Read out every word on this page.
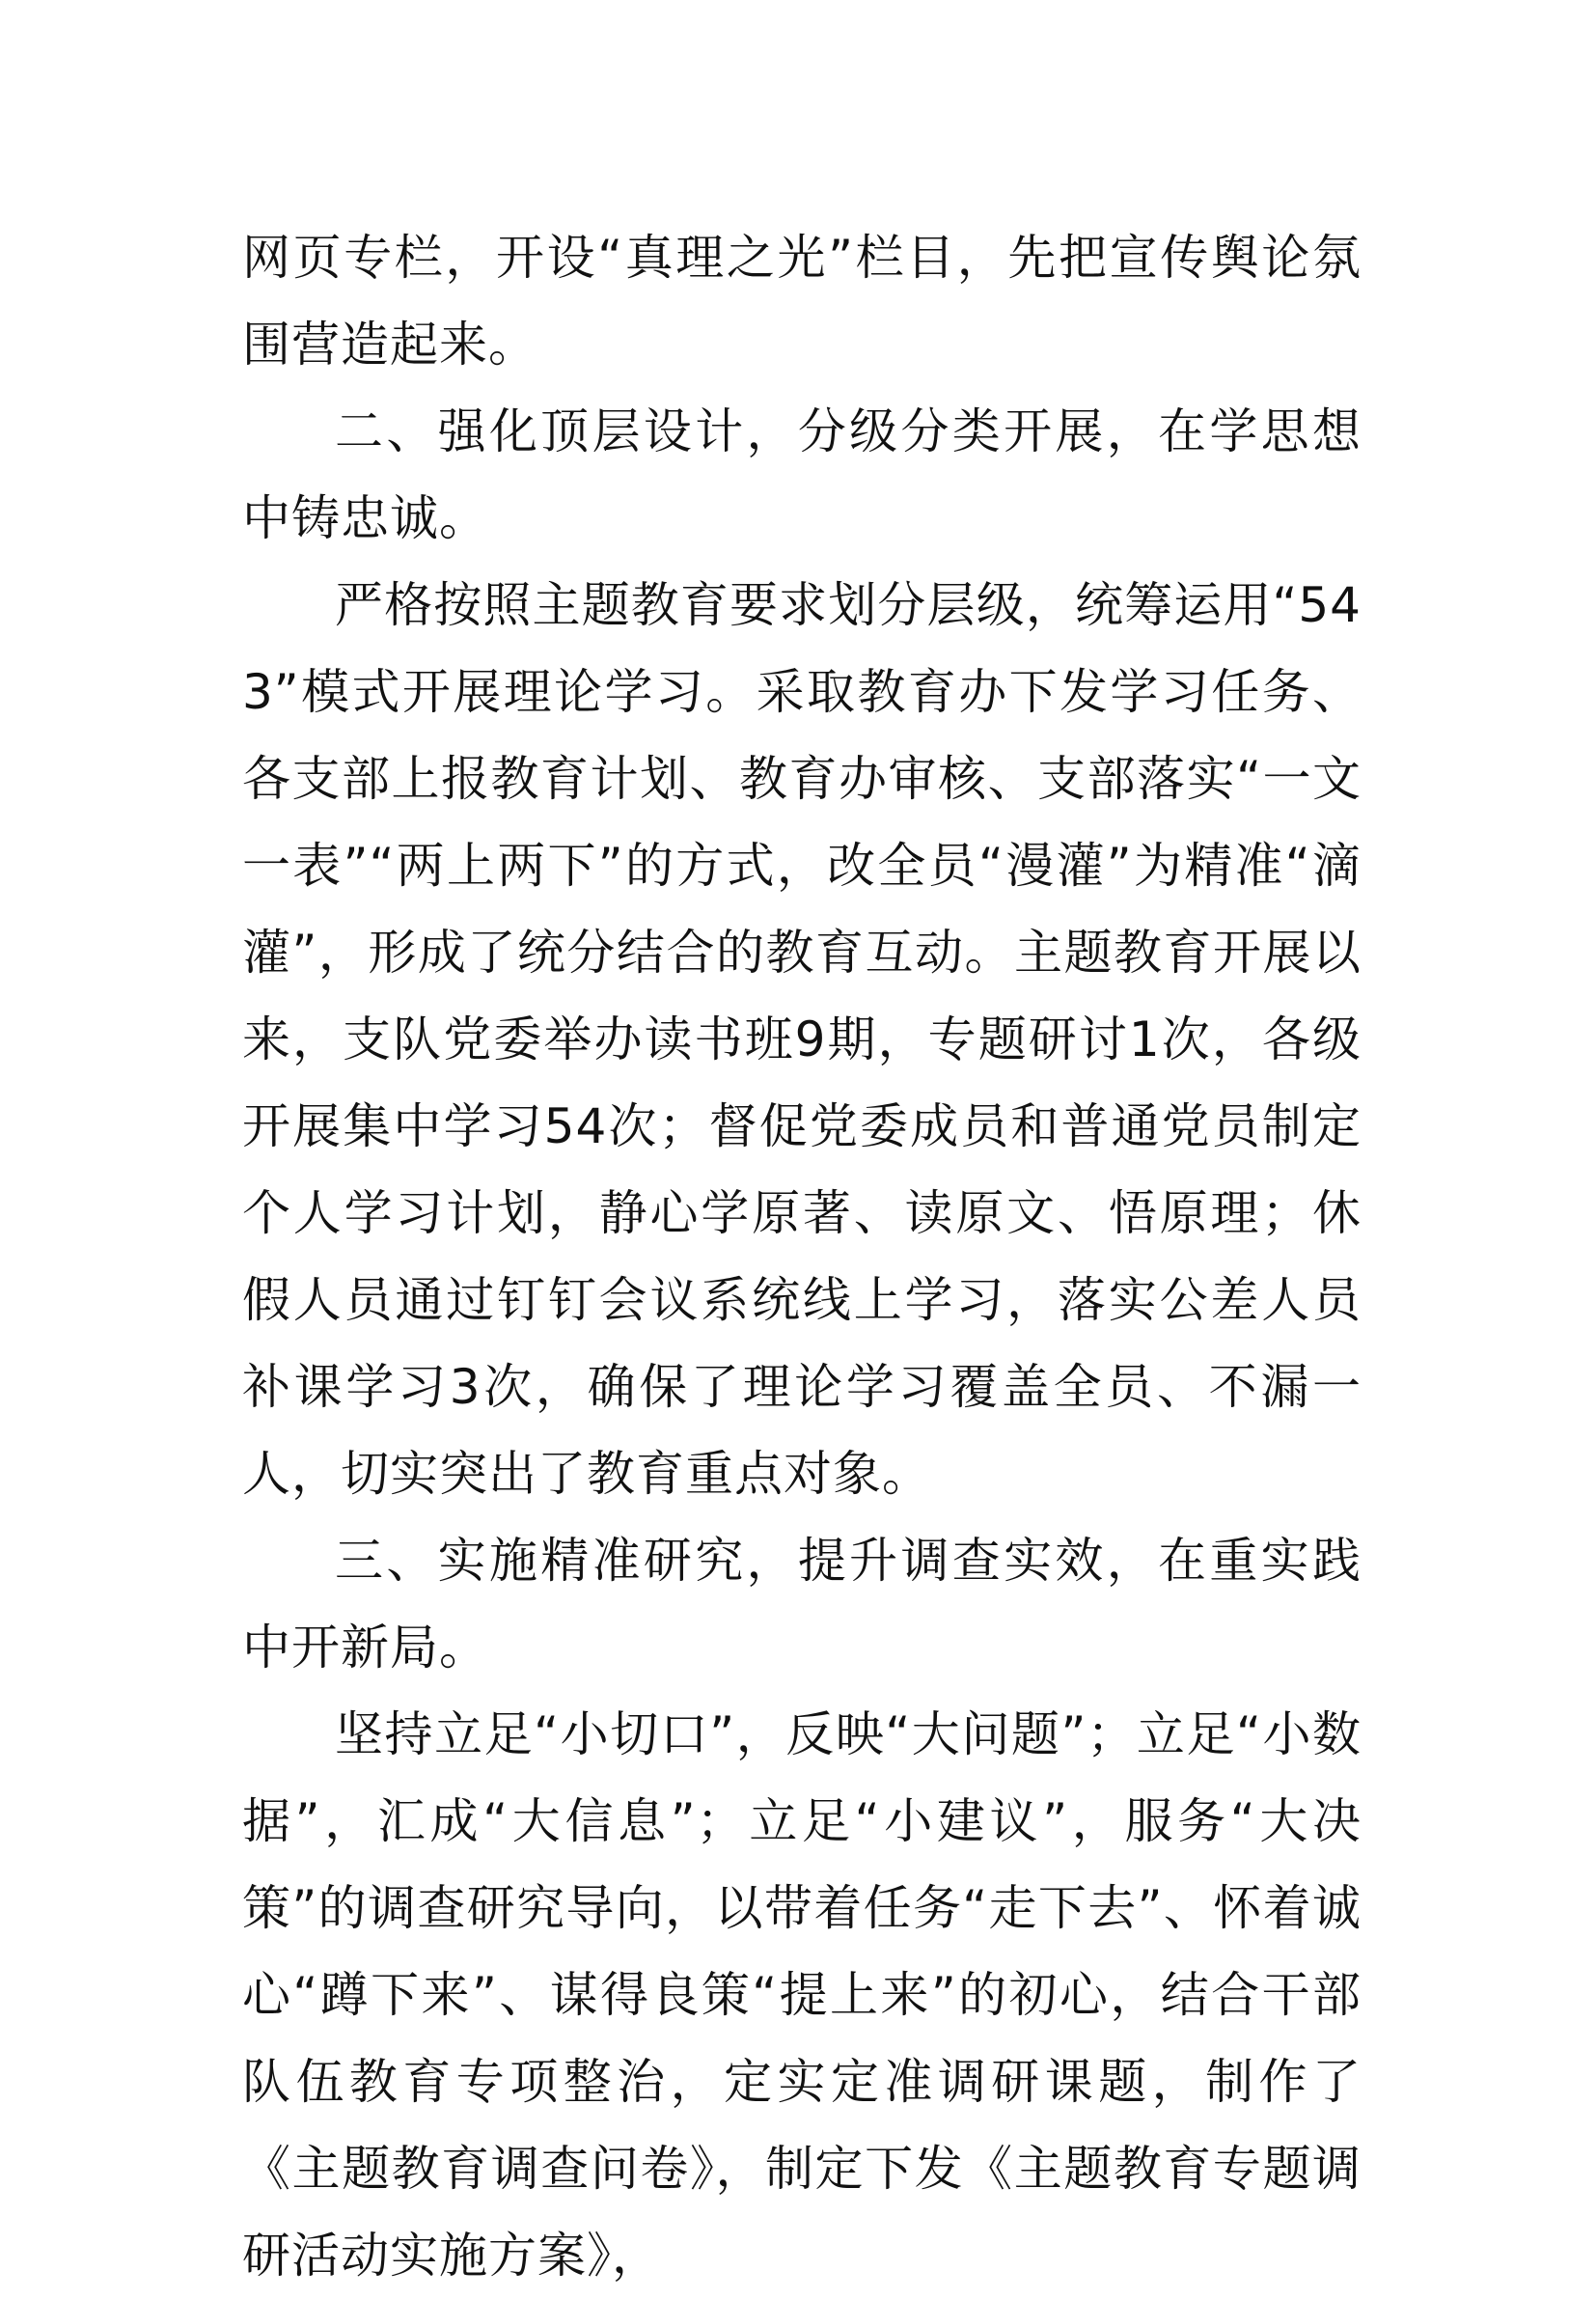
网页专栏，开设“真理之光”栏目，先把宣传舆论氛围营造起来。

二、强化顶层设计，分级分类开展，在学思想中铸忠诚。

严格按照主题教育要求划分层级，统筹运用“543”模式开展理论学习。采取教育办下发学习任务、各支部上报教育计划、教育办审核、支部落实“一文一表”“两上两下”的方式，改全员“漫灌”为精准“滴灌”，形成了统分结合的教育互动。主题教育开展以来，支队党委举办读书班9期，专题研讨1次，各级开展集中学习54次；督促党委成员和普通党员制定个人学习计划，静心学原著、读原文、悟原理；休假人员通过钉钉会议系统线上学习，落实公差人员补课学习3次，确保了理论学习覆盖全员、不漏一人，切实突出了教育重点对象。

三、实施精准研究，提升调查实效，在重实践中开新局。

坚持立足“小切口”，反映“大问题”；立足“小数据”，汇成“大信息”；立足“小建议”，服务“大决策”的调查研究导向，以带着任务“走下去”、怀着诚心“蹲下来”、谋得良策“提上来”的初心，结合干部队伍教育专项整治，定实定准调研课题，制作了《主题教育调查问卷》，制定下发《主题教育专题调研活动实施方案》，
